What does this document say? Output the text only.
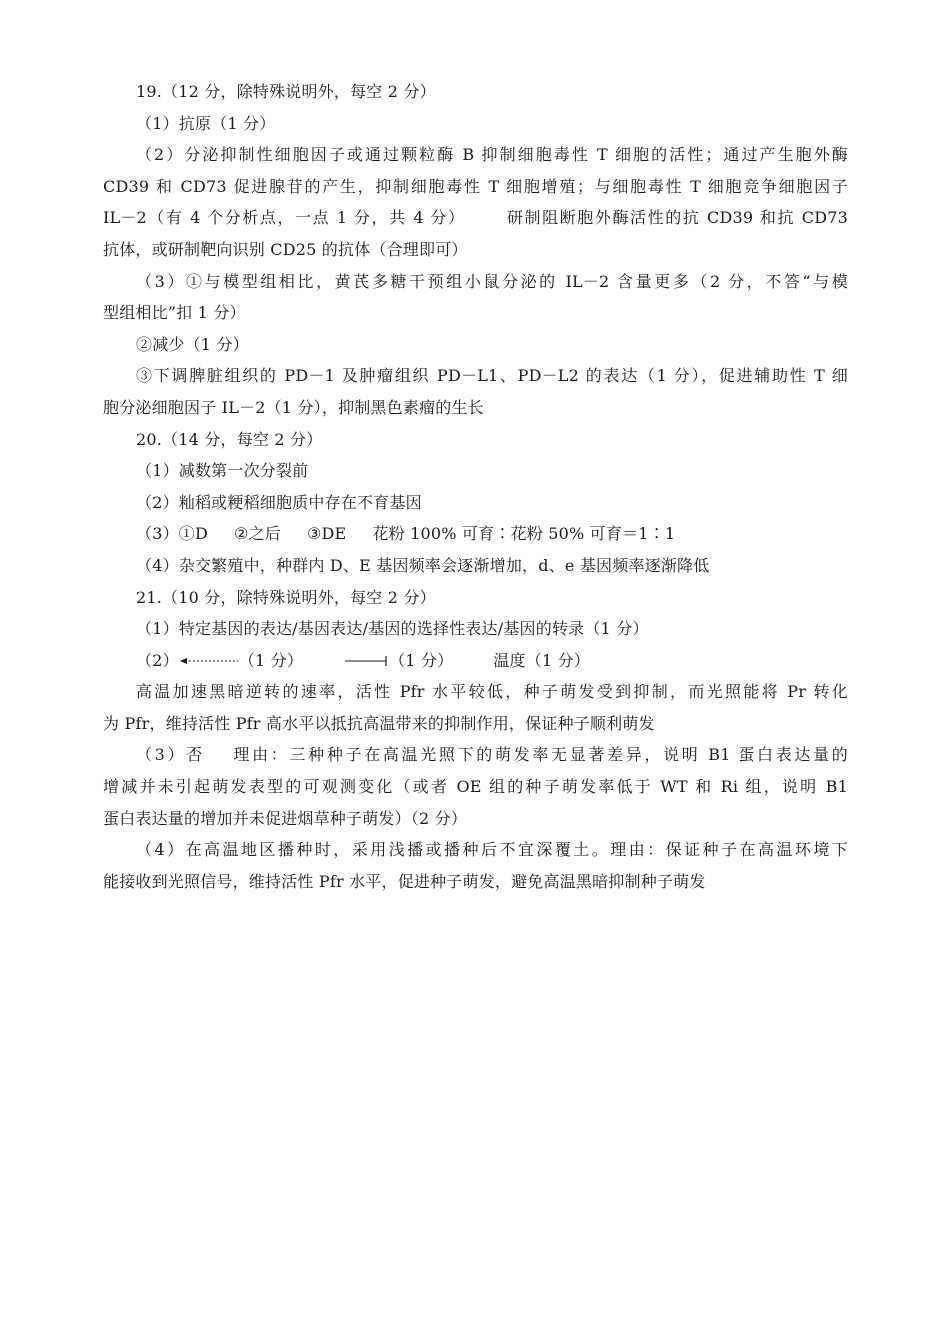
19.（12 分，除特殊说明外，每空 2 分）
（1）抗原（1 分）
（2）分泌抑制性细胞因子或通过颗粒酶 B 抑制细胞毒性 T 细胞的活性；通过产生胞外酶
CD39 和 CD73 促进腺苷的产生，抑制细胞毒性 T 细胞增殖；与细胞毒性 T 细胞竞争细胞因子
IL－2（有 4 个分析点，一点 1 分，共 4 分）	研制阻断胞外酶活性的抗 CD39 和抗 CD73
抗体，或研制靶向识别 CD25 的抗体（合理即可）
（3）①与模型组相比，黄芪多糖干预组小鼠分泌的 IL－2 含量更多（2 分，不答“与模
型组相比”扣 1 分）
②减少（1 分）
③下调脾脏组织的 PD－1 及肿瘤组织 PD－L1、PD－L2 的表达（1 分），促进辅助性 T 细
胞分泌细胞因子 IL－2（1 分），抑制黑色素瘤的生长
20.（14 分，每空 2 分）
（1）减数第一次分裂前
（2）籼稻或粳稻细胞质中存在不育基因
（3）①D ②之后 ③DE 花粉 100% 可育∶花粉 50% 可育＝1∶1
（4）杂交繁殖中，种群内 D、E 基因频率会逐渐增加，d、e 基因频率逐渐降低
21.（10 分，除特殊说明外，每空 2 分）
（1）特定基因的表达/基因表达/基因的选择性表达/基因的转录（1 分）
（2）	（1 分）	（1 分）	温度（1 分）
高温加速黑暗逆转的速率，活性 Pfr 水平较低，种子萌发受到抑制，而光照能将 Pr 转化
为 Pfr，维持活性 Pfr 高水平以抵抗高温带来的抑制作用，保证种子顺利萌发
（3）否 理由：三种种子在高温光照下的萌发率无显著差异，说明 B1 蛋白表达量的
增减并未引起萌发表型的可观测变化（或者 OE 组的种子萌发率低于 WT 和 Ri 组，说明 B1
蛋白表达量的增加并未促进烟草种子萌发）（2 分）
（4）在高温地区播种时，采用浅播或播种后不宜深覆土。理由：保证种子在高温环境下
能接收到光照信号，维持活性 Pfr 水平，促进种子萌发，避免高温黑暗抑制种子萌发
